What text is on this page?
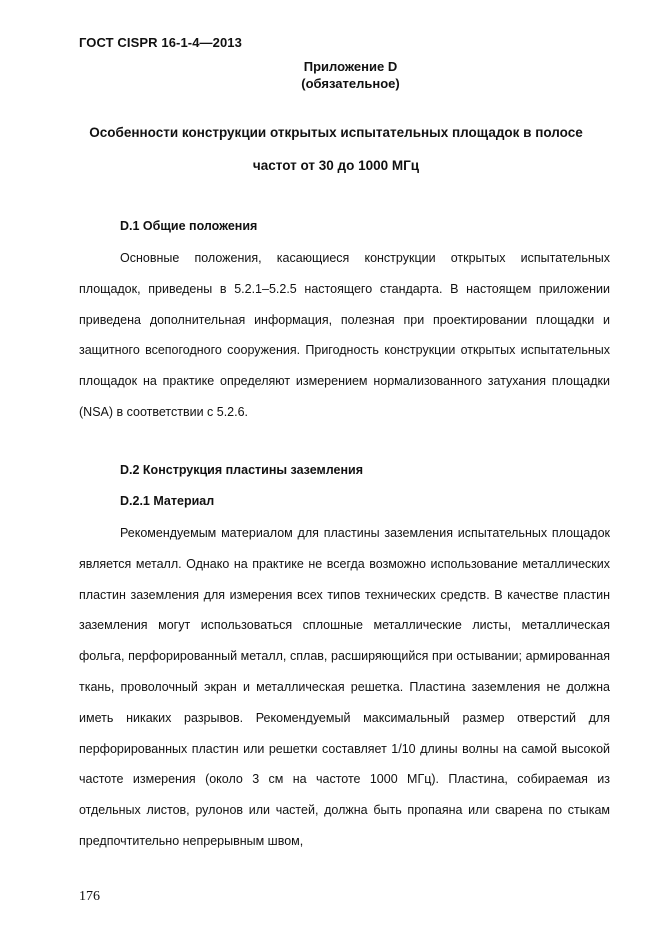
ГОСТ CISPR 16-1-4—2013
Приложение D
(обязательное)
Особенности конструкции открытых испытательных площадок в полосе частот от 30 до 1000 МГц
D.1 Общие положения

Основные положения, касающиеся конструкции открытых испытательных площадок, приведены в 5.2.1–5.2.5 настоящего стандарта. В настоящем приложении приведена дополнительная информация, полезная при проектировании площадки и защитного всепогодного сооружения. Пригодность конструкции открытых испытательных площадок на практике определяют измерением нормализованного затухания площадки (NSA) в соответствии с 5.2.6.

D.2 Конструкция пластины заземления
D.2.1 Материал

Рекомендуемым материалом для пластины заземления испытательных площадок является металл. Однако на практике не всегда возможно использование металлических пластин заземления для измерения всех типов технических средств. В качестве пластин заземления могут использоваться сплошные металлические листы, металлическая фольга, перфорированный металл, сплав, расширяющийся при остывании; армированная ткань, проволочный экран и металлическая решетка. Пластина заземления не должна иметь никаких разрывов. Рекомендуемый максимальный размер отверстий для перфорированных пластин или решетки составляет 1/10 длины волны на самой высокой частоте измерения (около 3 см на частоте 1000 МГц). Пластина, собираемая из отдельных листов, рулонов или частей, должна быть пропаяна или сварена по стыкам предпочтительно непрерывным швом,

176
